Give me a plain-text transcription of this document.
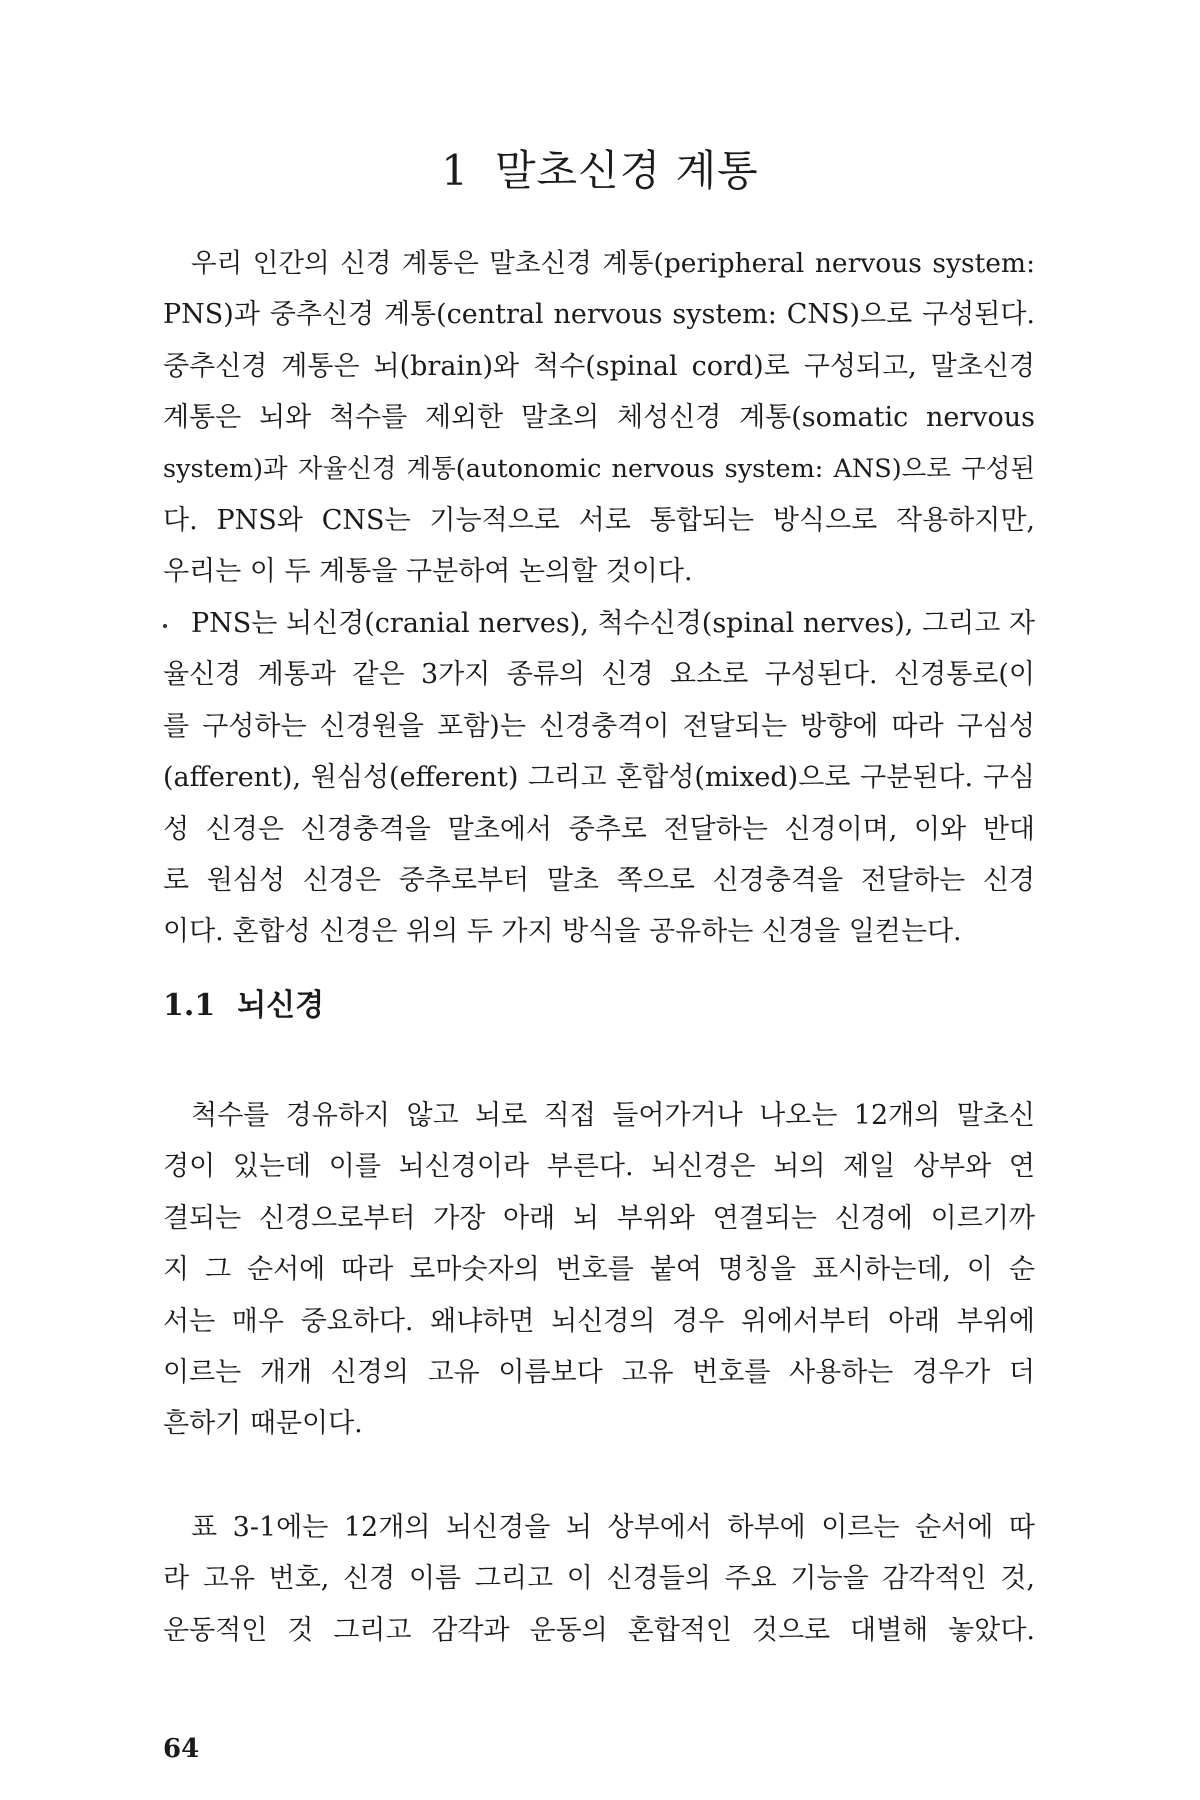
1 말초신경 계통
우리 인간의 신경 계통은 말초신경 계통(peripheral nervous system:
PNS)과 중추신경 계통(central nervous system: CNS)으로 구성된다.
중추신경 계통은 뇌(brain)와 척수(spinal cord)로 구성되고, 말초신경
계통은 뇌와 척수를 제외한 말초의 체성신경 계통(somatic nervous
system)과 자율신경 계통(autonomic nervous system: ANS)으로 구성된
다. PNS와 CNS는 기능적으로 서로 통합되는 방식으로 작용하지만,
우리는 이 두 계통을 구분하여 논의할 것이다.
PNS는 뇌신경(cranial nerves), 척수신경(spinal nerves), 그리고 자
율신경 계통과 같은 3가지 종류의 신경 요소로 구성된다. 신경통로(이
를 구성하는 신경원을 포함)는 신경충격이 전달되는 방향에 따라 구심성
(afferent), 원심성(efferent) 그리고 혼합성(mixed)으로 구분된다. 구심
성 신경은 신경충격을 말초에서 중추로 전달하는 신경이며, 이와 반대
로 원심성 신경은 중추로부터 말초 쪽으로 신경충격을 전달하는 신경
이다. 혼합성 신경은 위의 두 가지 방식을 공유하는 신경을 일컫는다.
1.1 뇌신경
척수를 경유하지 않고 뇌로 직접 들어가거나 나오는 12개의 말초신
경이 있는데 이를 뇌신경이라 부른다. 뇌신경은 뇌의 제일 상부와 연
결되는 신경으로부터 가장 아래 뇌 부위와 연결되는 신경에 이르기까
지 그 순서에 따라 로마숫자의 번호를 붙여 명칭을 표시하는데, 이 순
서는 매우 중요하다. 왜냐하면 뇌신경의 경우 위에서부터 아래 부위에
이르는 개개 신경의 고유 이름보다 고유 번호를 사용하는 경우가 더
흔하기 때문이다.
표 3-1에는 12개의 뇌신경을 뇌 상부에서 하부에 이르는 순서에 따
라 고유 번호, 신경 이름 그리고 이 신경들의 주요 기능을 감각적인 것,
운동적인 것 그리고 감각과 운동의 혼합적인 것으로 대별해 놓았다.
64
